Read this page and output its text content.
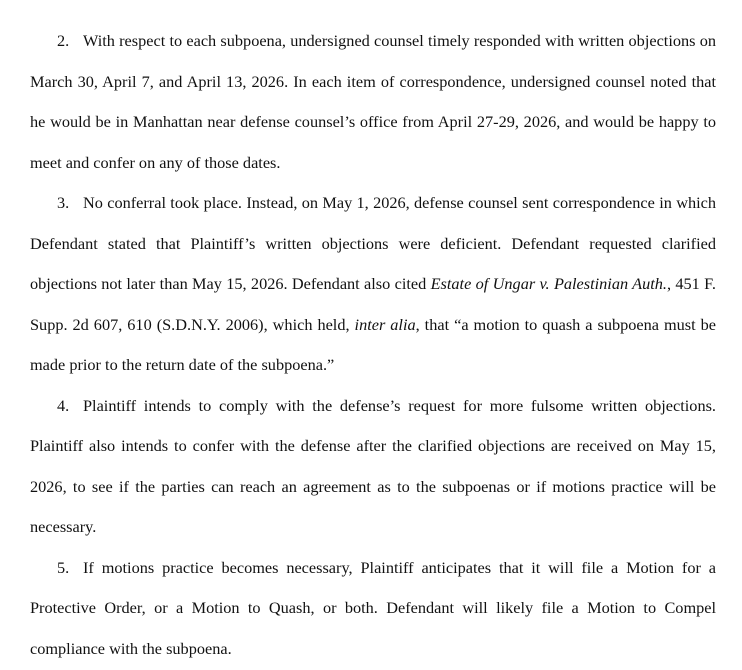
2. With respect to each subpoena, undersigned counsel timely responded with written objections on March 30, April 7, and April 13, 2026. In each item of correspondence, undersigned counsel noted that he would be in Manhattan near defense counsel’s office from April 27-29, 2026, and would be happy to meet and confer on any of those dates.

3. No conferral took place. Instead, on May 1, 2026, defense counsel sent correspondence in which Defendant stated that Plaintiff’s written objections were deficient. Defendant requested clarified objections not later than May 15, 2026. Defendant also cited Estate of Ungar v. Palestinian Auth., 451 F. Supp. 2d 607, 610 (S.D.N.Y. 2006), which held, inter alia, that “a motion to quash a subpoena must be made prior to the return date of the subpoena.”

4. Plaintiff intends to comply with the defense’s request for more fulsome written objections. Plaintiff also intends to confer with the defense after the clarified objections are received on May 15, 2026, to see if the parties can reach an agreement as to the subpoenas or if motions practice will be necessary.

5. If motions practice becomes necessary, Plaintiff anticipates that it will file a Motion for a Protective Order, or a Motion to Quash, or both. Defendant will likely file a Motion to Compel compliance with the subpoena.
